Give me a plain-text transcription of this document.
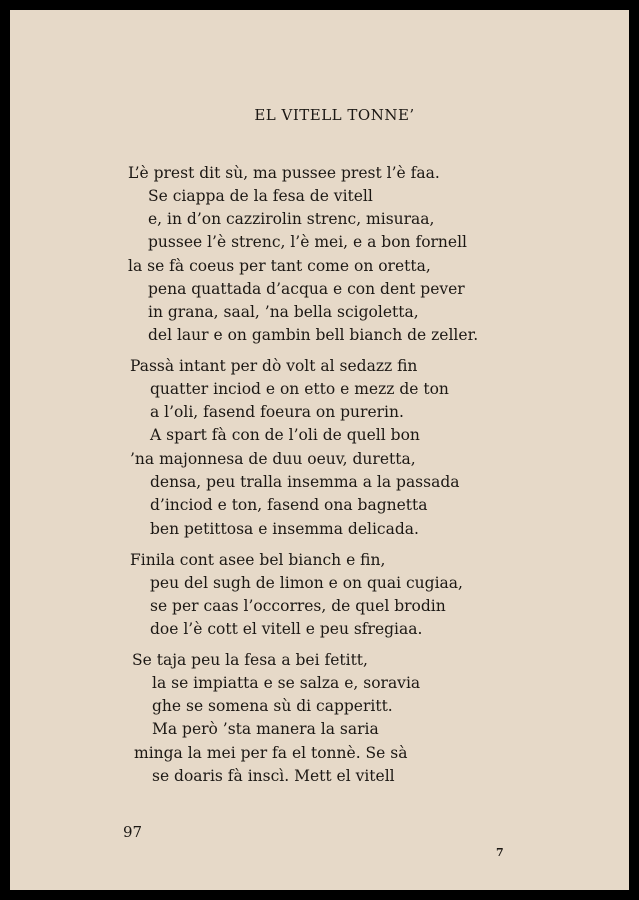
EL VITELL TONNE’
L’è prest dit sù, ma pussee prest l’è faa.
Se ciappa de la fesa de vitell
e, in d’on cazzirolin strenc, misuraa,
pussee l’è strenc, l’è mei, e a bon fornell
la se fà coeus per tant come on oretta,
pena quattada d’acqua e con dent pever
in grana, saal, ’na bella scigoletta,
del laur e on gambin bell bianch de zeller.
Passà intant per dò volt al sedazz fin
quatter inciod e on etto e mezz de ton
a l’oli, fasend foeura on purerin.
A spart fà con de l’oli de quell bon
’na majonnesa de duu oeuv, duretta,
densa, peu tralla insemma a la passada
d’inciod e ton, fasend ona bagnetta
ben petittosa e insemma delicada.
Finila cont asee bel bianch e fin,
peu del sugh de limon e on quai cugiaa,
se per caas l’occorres, de quel brodin
doe l’è cott el vitell e peu sfregiaa.
Se taja peu la fesa a bei fetitt,
la se impiatta e se salza e, soravia
ghe se somena sù di capperitt.
Ma però ’sta manera la saria
minga la mei per fa el tonnè. Se sà
se doaris fà inscì. Mett el vitell
97
7
